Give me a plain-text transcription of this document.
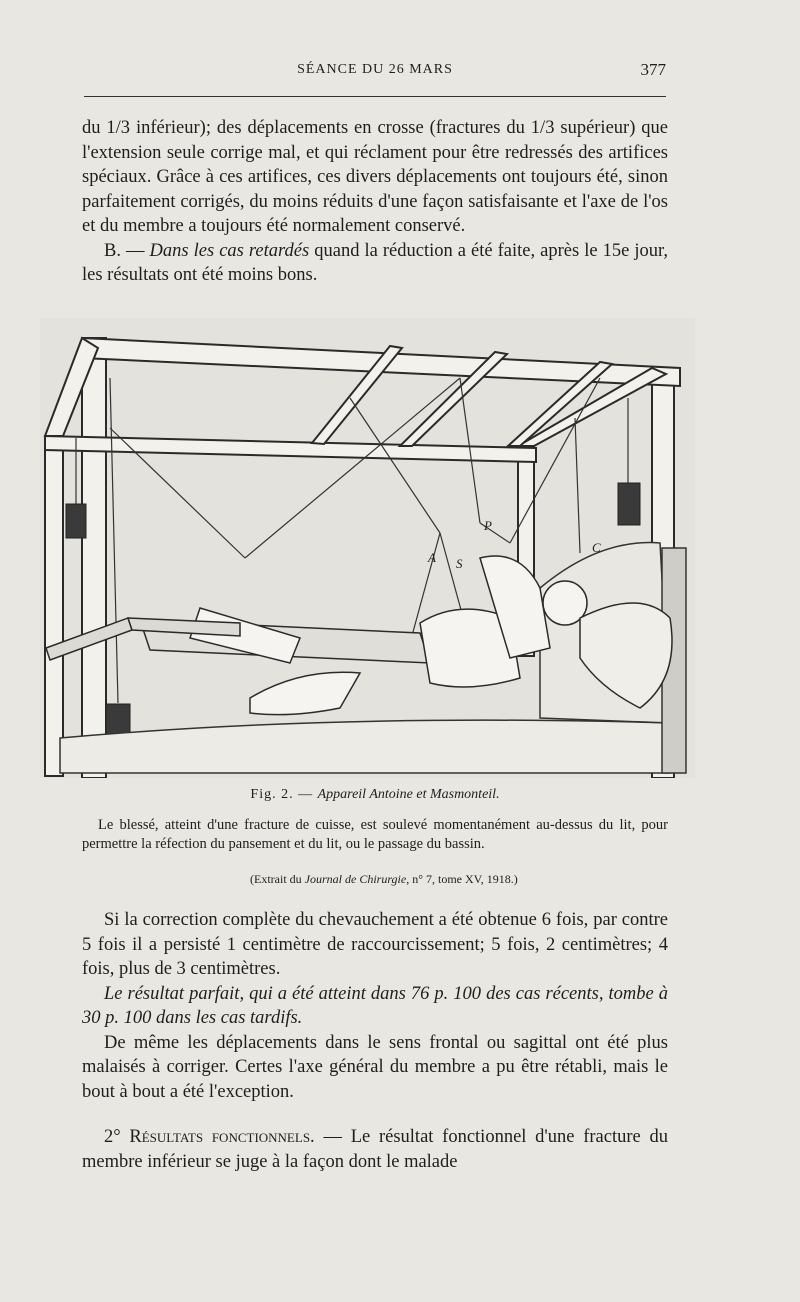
SÉANCE DU 26 MARS	377

du 1/3 inférieur); des déplacements en crosse (fractures du 1/3 supérieur) que l'extension seule corrige mal, et qui réclament pour être redressés des artifices spéciaux. Grâce à ces artifices, ces divers déplacements ont toujours été, sinon parfaitement corrigés, du moins réduits d'une façon satisfaisante et l'axe de l'os et du membre a toujours été normalement conservé.

B. — Dans les cas retardés quand la réduction a été faite, après le 15e jour, les résultats ont été moins bons.

P
A S
C
Fig. 2. — Appareil Antoine et Masmonteil.

Le blessé, atteint d'une fracture de cuisse, est soulevé momentanément au-dessus du lit, pour permettre la réfection du pansement et du lit, ou le passage du bassin.

(Extrait du Journal de Chirurgie, n° 7, tome XV, 1918.)

Si la correction complète du chevauchement a été obtenue 6 fois, par contre 5 fois il a persisté 1 centimètre de raccourcissement; 5 fois, 2 centimètres; 4 fois, plus de 3 centimètres.

Le résultat parfait, qui a été atteint dans 76 p. 100 des cas récents, tombe à 30 p. 100 dans les cas tardifs.

De même les déplacements dans le sens frontal ou sagittal ont été plus malaisés à corriger. Certes l'axe général du membre a pu être rétabli, mais le bout à bout a été l'exception.

2° Résultats fonctionnels. — Le résultat fonctionnel d'une fracture du membre inférieur se juge à la façon dont le malade
